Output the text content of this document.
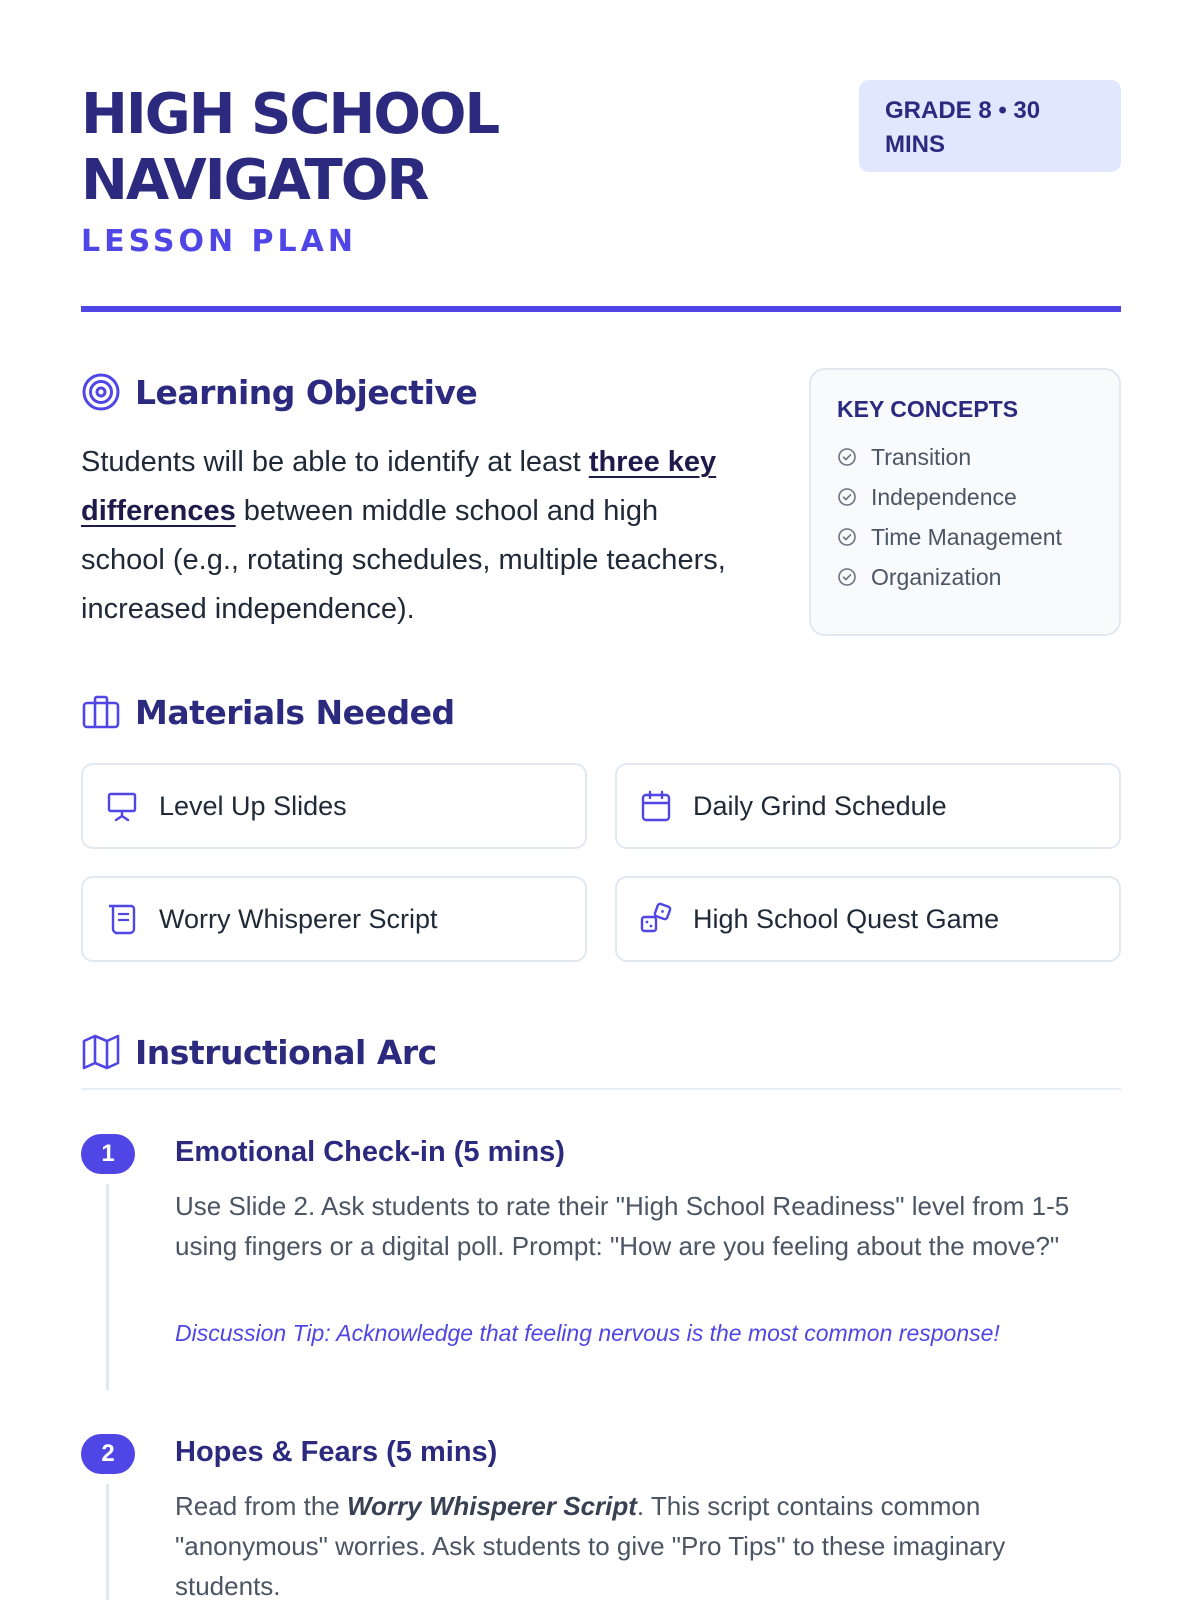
HIGH SCHOOL
NAVIGATOR
LESSON PLAN
GRADE 8 • 30
MINS
Learning Objective
Students will be able to identify at least three key differences between middle school and high school (e.g., rotating schedules, multiple teachers, increased independence).
KEY CONCEPTS
Transition
Independence
Time Management
Organization
Materials Needed
Level Up Slides	Daily Grind Schedule
Worry Whisperer Script	High School Quest Game
Instructional Arc
1	Emotional Check-in (5 mins)
Use Slide 2. Ask students to rate their "High School Readiness" level from 1-5 using fingers or a digital poll. Prompt: "How are you feeling about the move?"
Discussion Tip: Acknowledge that feeling nervous is the most common response!
2	Hopes & Fears (5 mins)
Read from the Worry Whisperer Script. This script contains common "anonymous" worries. Ask students to give "Pro Tips" to these imaginary students.
